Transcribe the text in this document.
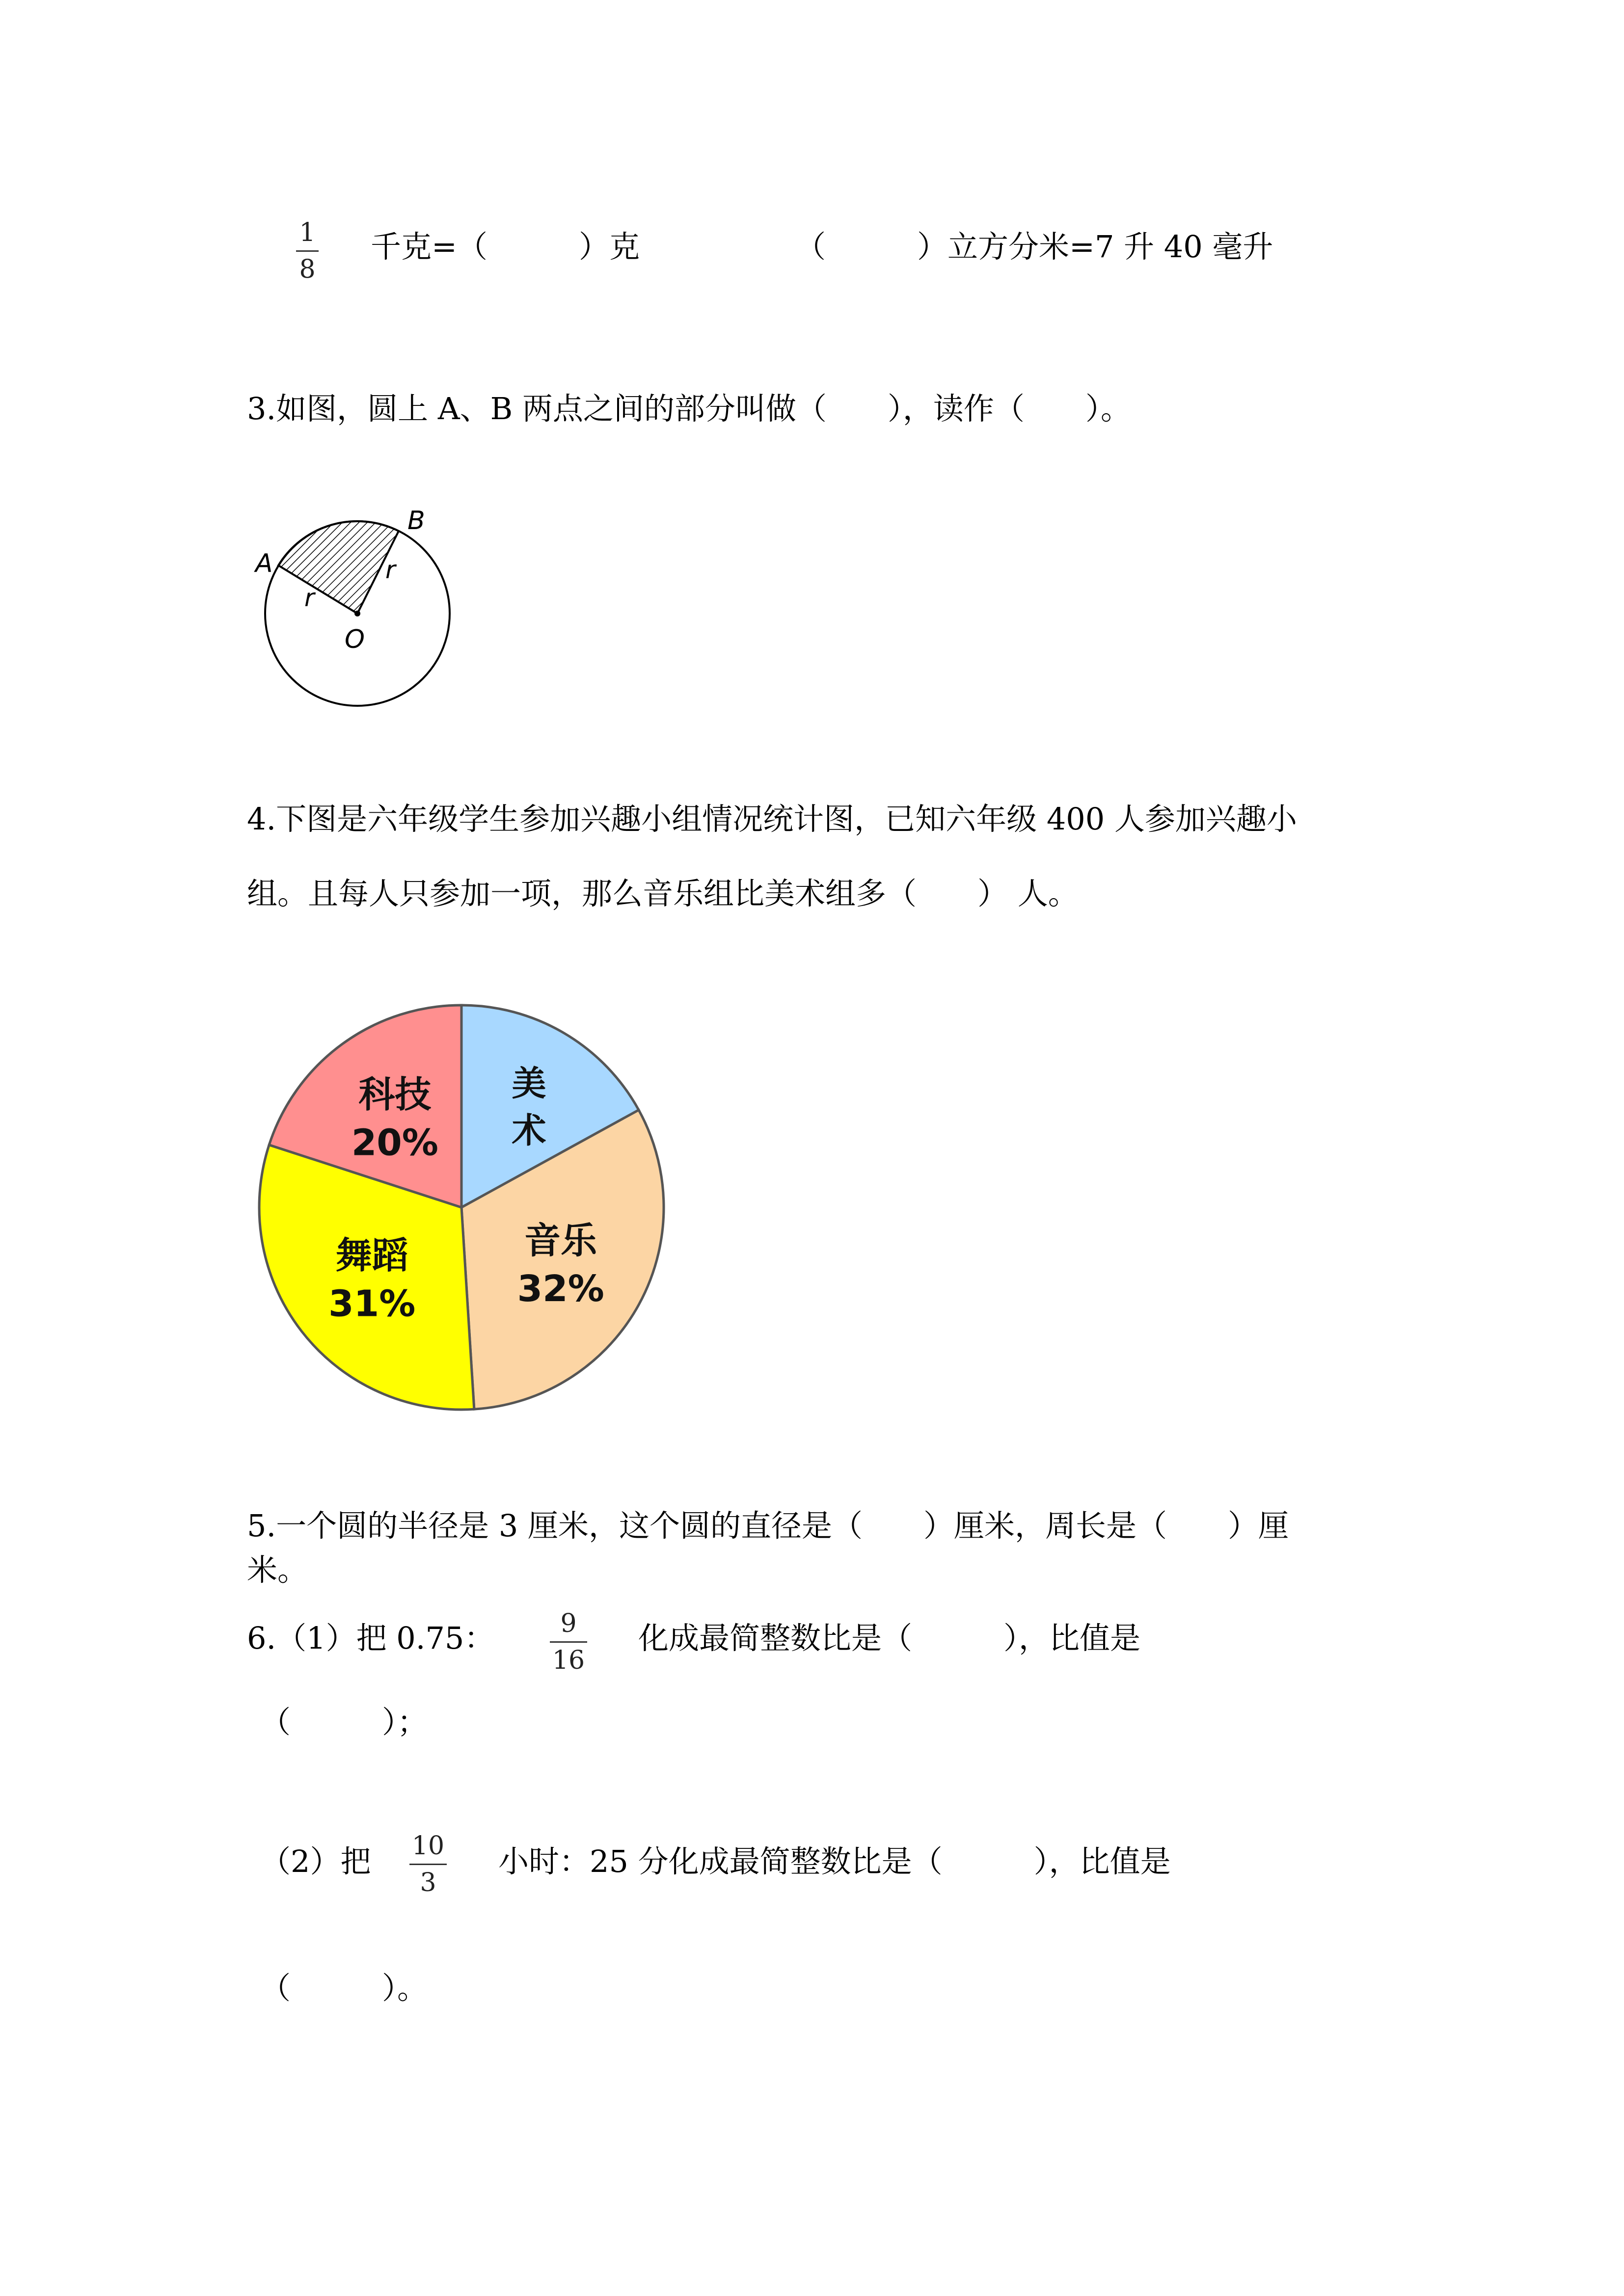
1
8
千克=（　　　）克	（　　　）立方分米=7 升 40 毫升
3.如图，圆上 A、B 两点之间的部分叫做（　　），读作（　　）。
A
B
O
r
r
4.下图是六年级学生参加兴趣小组情况统计图，已知六年级 400 人参加兴趣小
组。且每人只参加一项，那么音乐组比美术组多（　　） 人。
美术
音乐
32%
舞蹈
31%
科技
20%
5.一个圆的半径是 3 厘米，这个圆的直径是（　　）厘米，周长是（　　）厘
米。
6.（1）把 0.75：	9
16
化成最简整数比是（　　　），比值是
（　　　）；
（2）把 10
3
小时：25 分化成最简整数比是（　　　），比值是
（　　　）。
